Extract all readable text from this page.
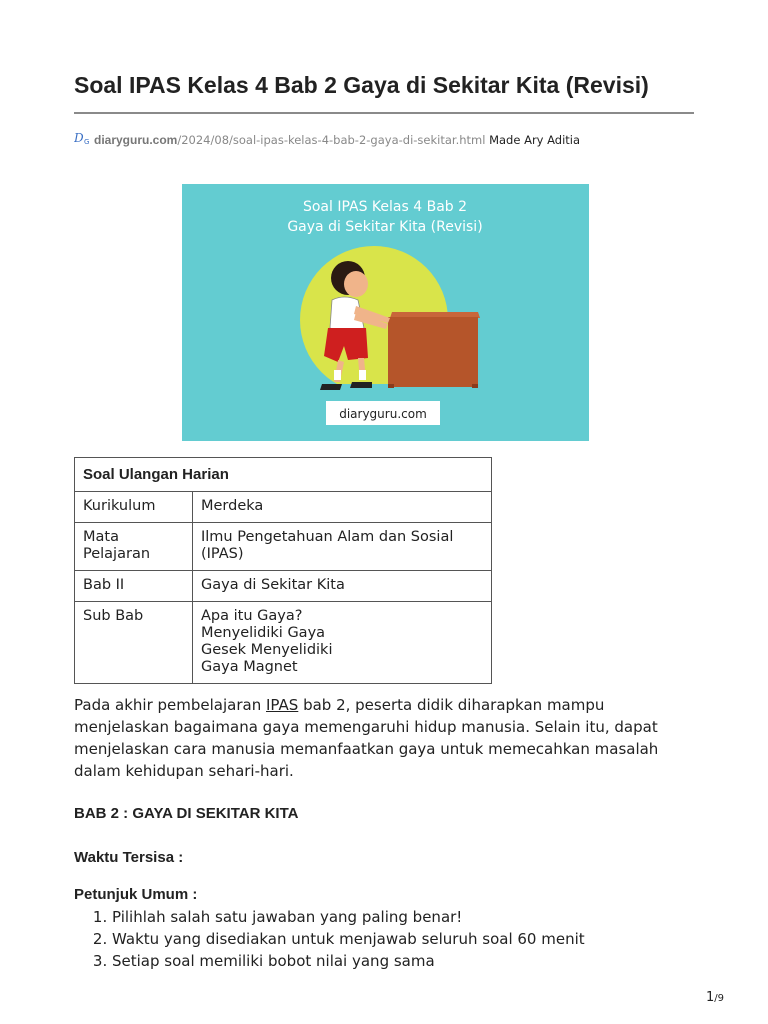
Soal IPAS Kelas 4 Bab 2 Gaya di Sekitar Kita (Revisi)
D G diaryguru.com/2024/08/soal-ipas-kelas-4-bab-2-gaya-di-sekitar.html Made Ary Aditia
Soal IPAS Kelas 4 Bab 2
Gaya di Sekitar Kita (Revisi)
diaryguru.com
Soal Ulangan Harian	
Kurikulum	Merdeka
Mata Pelajaran	Ilmu Pengetahuan Alam dan Sosial
(IPAS)

Bab II	Gaya di Sekitar Kita
Sub Bab	Apa itu Gaya?
Menyelidiki Gaya
Gesek Menyelidiki
Gaya Magnet

Pada akhir pembelajaran IPAS bab 2, peserta didik diharapkan mampu menjelaskan bagaimana gaya memengaruhi hidup manusia. Selain itu, dapat menjelaskan cara manusia memanfaatkan gaya untuk memecahkan masalah dalam kehidupan sehari-hari.

BAB 2 : GAYA DI SEKITAR KITA
Waktu Tersisa :
Petunjuk Umum :
1. Pilihlah salah satu jawaban yang paling benar!
2. Waktu yang disediakan untuk menjawab seluruh soal 60 menit
3. Setiap soal memiliki bobot nilai yang sama
1/9
